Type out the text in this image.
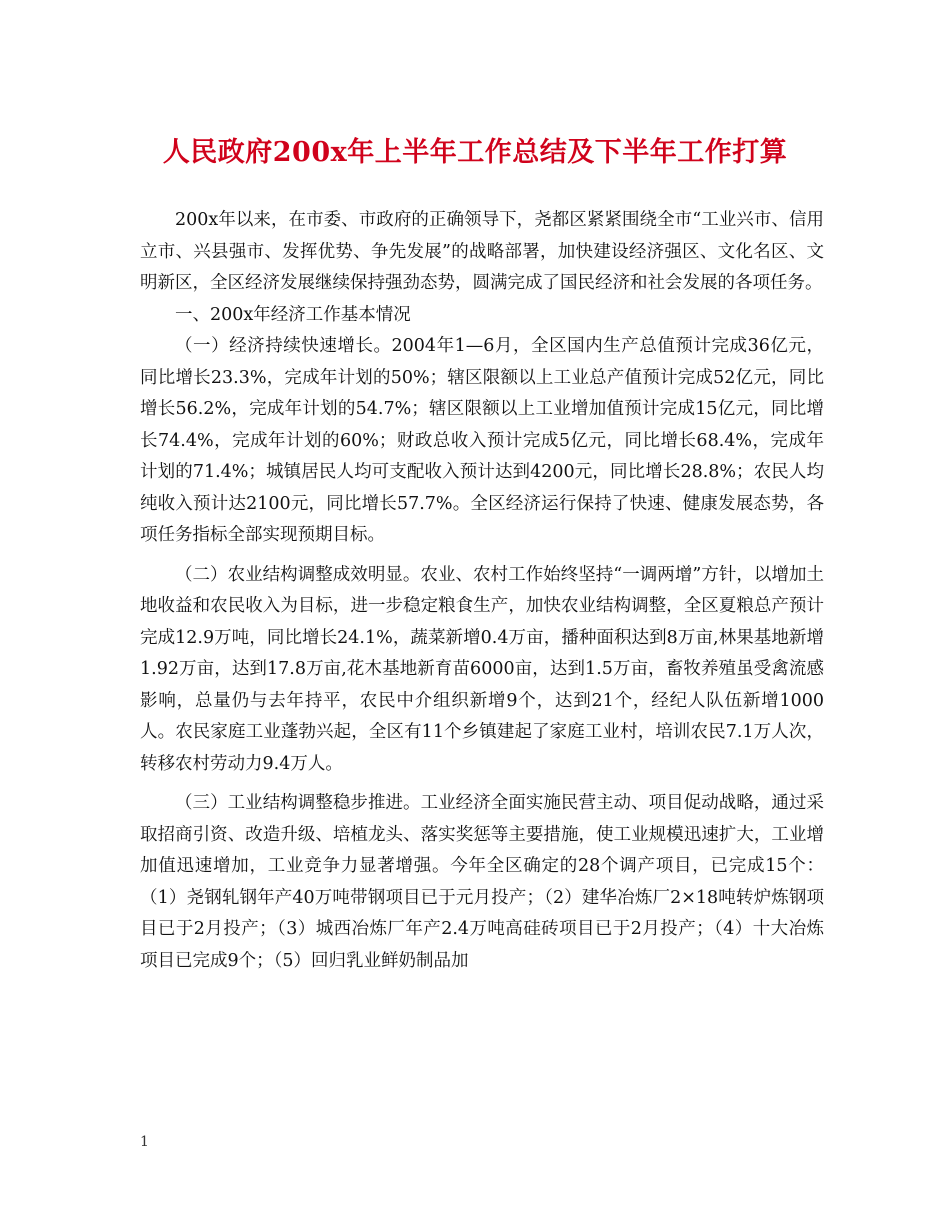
人民政府200x年上半年工作总结及下半年工作打算

200x年以来，在市委、市政府的正确领导下，尧都区紧紧围绕全市“工业兴市、信用立市、兴县强市、发挥优势、争先发展”的战略部署，加快建设经济强区、文化名区、文明新区，全区经济发展继续保持强劲态势，圆满完成了国民经济和社会发展的各项任务。

一、200x年经济工作基本情况

（一）经济持续快速增长。2004年1—6月，全区国内生产总值预计完成36亿元，同比增长23.3%，完成年计划的50%；辖区限额以上工业总产值预计完成52亿元，同比增长56.2%，完成年计划的54.7%；辖区限额以上工业增加值预计完成15亿元，同比增长74.4%，完成年计划的60%；财政总收入预计完成5亿元，同比增长68.4%，完成年计划的71.4%；城镇居民人均可支配收入预计达到4200元，同比增长28.8%；农民人均纯收入预计达2100元，同比增长57.7%。全区经济运行保持了快速、健康发展态势，各项任务指标全部实现预期目标。

（二）农业结构调整成效明显。农业、农村工作始终坚持“一调两增”方针，以增加土地收益和农民收入为目标，进一步稳定粮食生产，加快农业结构调整，全区夏粮总产预计完成12.9万吨，同比增长24.1%，蔬菜新增0.4万亩，播种面积达到8万亩,林果基地新增1.92万亩，达到17.8万亩,花木基地新育苗6000亩，达到1.5万亩，畜牧养殖虽受禽流感影响，总量仍与去年持平，农民中介组织新增9个，达到21个，经纪人队伍新增1000人。农民家庭工业蓬勃兴起，全区有11个乡镇建起了家庭工业村，培训农民7.1万人次，转移农村劳动力9.4万人。

（三）工业结构调整稳步推进。工业经济全面实施民营主动、项目促动战略，通过采取招商引资、改造升级、培植龙头、落实奖惩等主要措施，使工业规模迅速扩大，工业增加值迅速增加，工业竞争力显著增强。今年全区确定的28个调产项目，已完成15个：（1）尧钢轧钢年产40万吨带钢项目已于元月投产；（2）建华冶炼厂2×18吨转炉炼钢项目已于2月投产；（3）城西冶炼厂年产2.4万吨高硅砖项目已于2月投产；（4）十大冶炼项目已完成9个；（5）回归乳业鲜奶制品加

1
